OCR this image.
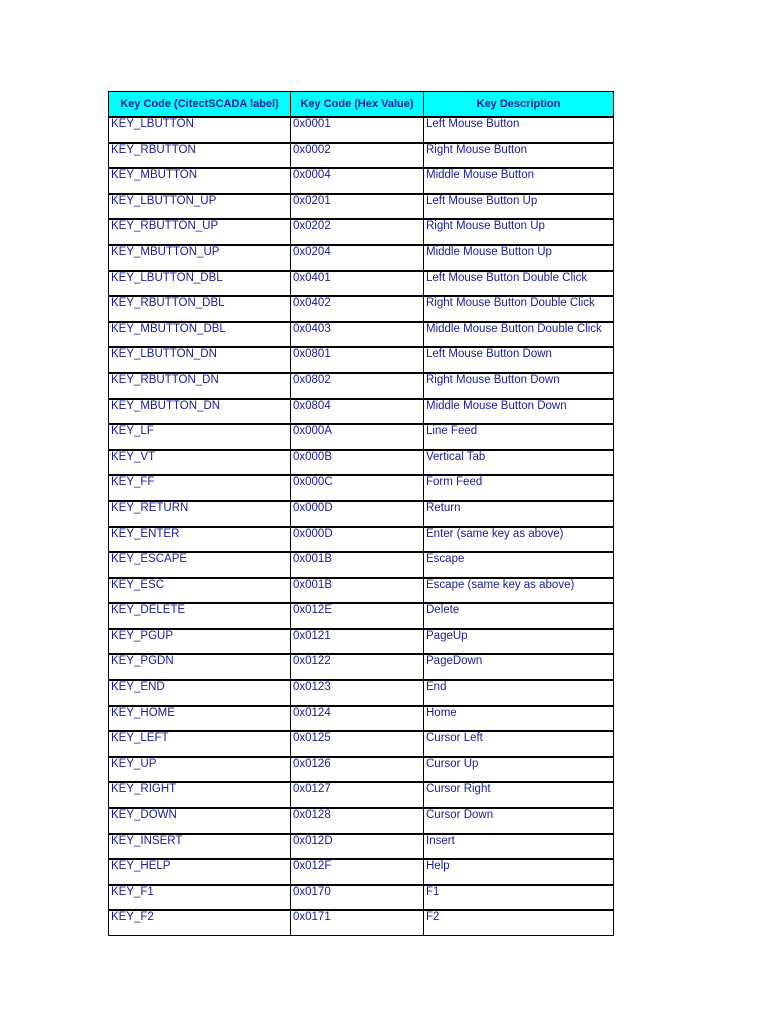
Key Code (CitectSCADA label)	Key Code (Hex Value)	Key Description
KEY_LBUTTON	0x0001	Left Mouse Button
KEY_RBUTTON	0x0002	Right Mouse Button
KEY_MBUTTON	0x0004	Middle Mouse Button
KEY_LBUTTON_UP	0x0201	Left Mouse Button Up
KEY_RBUTTON_UP	0x0202	Right Mouse Button Up
KEY_MBUTTON_UP	0x0204	Middle Mouse Button Up
KEY_LBUTTON_DBL	0x0401	Left Mouse Button Double Click
KEY_RBUTTON_DBL	0x0402	Right Mouse Button Double Click
KEY_MBUTTON_DBL	0x0403	Middle Mouse Button Double Click
KEY_LBUTTON_DN	0x0801	Left Mouse Button Down
KEY_RBUTTON_DN	0x0802	Right Mouse Button Down
KEY_MBUTTON_DN	0x0804	Middle Mouse Button Down
KEY_LF	0x000A	Line Feed
KEY_VT	0x000B	Vertical Tab
KEY_FF	0x000C	Form Feed
KEY_RETURN	0x000D	Return
KEY_ENTER	0x000D	Enter (same key as above)
KEY_ESCAPE	0x001B	Escape
KEY_ESC	0x001B	Escape (same key as above)
KEY_DELETE	0x012E	Delete
KEY_PGUP	0x0121	PageUp
KEY_PGDN	0x0122	PageDown
KEY_END	0x0123	End
KEY_HOME	0x0124	Home
KEY_LEFT	0x0125	Cursor Left
KEY_UP	0x0126	Cursor Up
KEY_RIGHT	0x0127	Cursor Right
KEY_DOWN	0x0128	Cursor Down
KEY_INSERT	0x012D	Insert
KEY_HELP	0x012F	Help
KEY_F1	0x0170	F1
KEY_F2	0x0171	F2
